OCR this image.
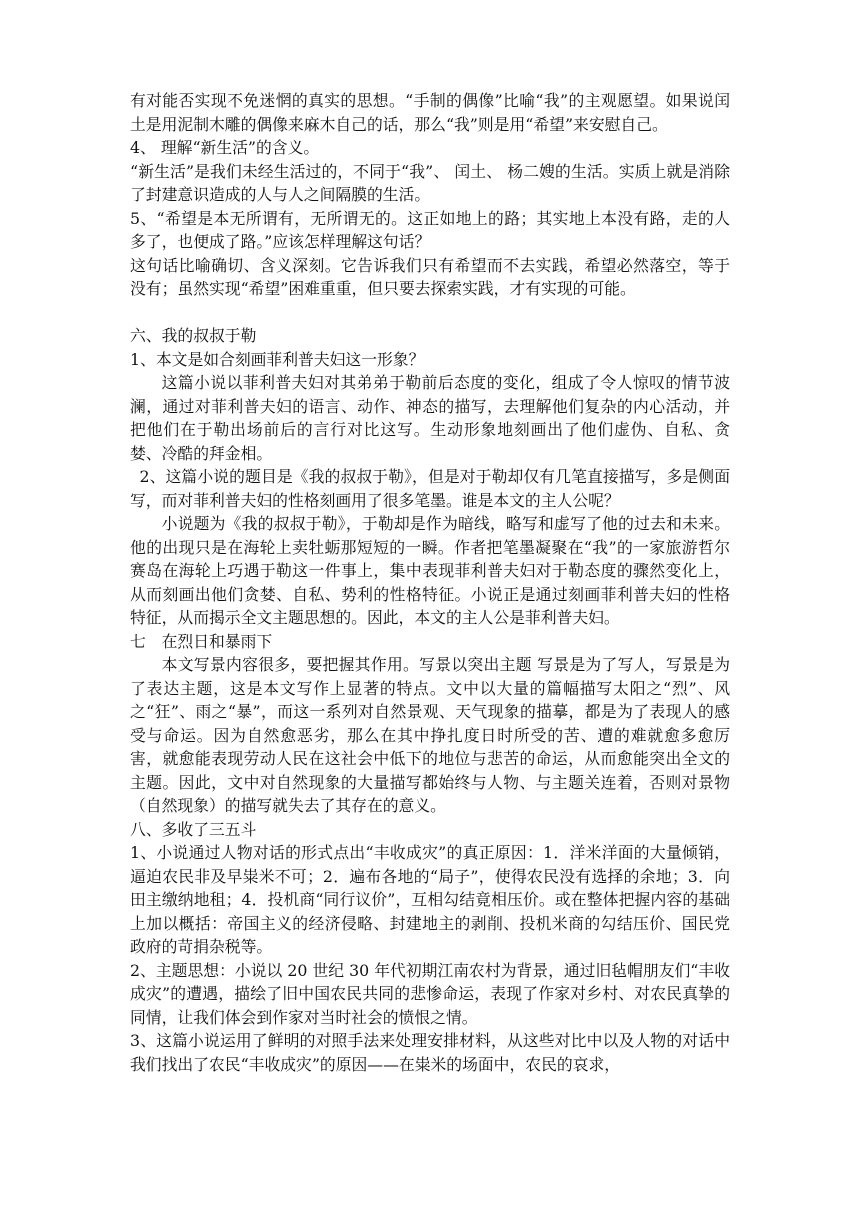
有对能否实现不免迷惘的真实的思想。“手制的偶像”比喻“我”的主观愿望。如果说闰土是用泥制木雕的偶像来麻木自己的话，那么“我”则是用“希望”来安慰自己。

4、 理解“新生活”的含义。

“新生活”是我们未经生活过的，不同于“我”、 闰土、 杨二嫂的生活。实质上就是消除了封建意识造成的人与人之间隔膜的生活。

5、“希望是本无所谓有，无所谓无的。这正如地上的路；其实地上本没有路，走的人多了，也便成了路。”应该怎样理解这句话？

这句话比喻确切、含义深刻。它告诉我们只有希望而不去实践，希望必然落空，等于没有；虽然实现“希望”困难重重，但只要去探索实践，才有实现的可能。

六、我的叔叔于勒

1、本文是如合刻画菲利普夫妇这一形象？

这篇小说以菲利普夫妇对其弟弟于勒前后态度的变化，组成了令人惊叹的情节波澜，通过对菲利普夫妇的语言、动作、神态的描写，去理解他们复杂的内心活动，并把他们在于勒出场前后的言行对比这写。生动形象地刻画出了他们虚伪、自私、贪婪、冷酷的拜金相。

2、这篇小说的题目是《我的叔叔于勒》，但是对于勒却仅有几笔直接描写，多是侧面写，而对菲利普夫妇的性格刻画用了很多笔墨。谁是本文的主人公呢？

小说题为《我的叔叔于勒》，于勒却是作为暗线，略写和虚写了他的过去和未来。他的出现只是在海轮上卖牡蛎那短短的一瞬。作者把笔墨凝聚在“我”的一家旅游哲尔赛岛在海轮上巧遇于勒这一件事上，集中表现菲利普夫妇对于勒态度的骤然变化上，从而刻画出他们贪婪、自私、势利的性格特征。小说正是通过刻画菲利普夫妇的性格特征，从而揭示全文主题思想的。因此，本文的主人公是菲利普夫妇。

七　在烈日和暴雨下

本文写景内容很多，要把握其作用。写景以突出主题 写景是为了写人，写景是为了表达主题，这是本文写作上显著的特点。文中以大量的篇幅描写太阳之“烈”、风之“狂”、雨之“暴”，而这一系列对自然景观、天气现象的描摹，都是为了表现人的感受与命运。因为自然愈恶劣，那么在其中挣扎度日时所受的苦、遭的难就愈多愈厉害，就愈能表现劳动人民在这社会中低下的地位与悲苦的命运，从而愈能突出全文的主题。因此，文中对自然现象的大量描写都始终与人物、与主题关连着，否则对景物（自然现象）的描写就失去了其存在的意义。

八、多收了三五斗

1、小说通过人物对话的形式点出“丰收成灾”的真正原因：1．洋米洋面的大量倾销，逼迫农民非及早粜米不可；2．遍布各地的“局子”，使得农民没有选择的余地；3．向田主缴纳地租；4．投机商“同行议价”，互相勾结竟相压价。或在整体把握内容的基础上加以概括：帝国主义的经济侵略、封建地主的剥削、投机米商的勾结压价、国民党政府的苛捐杂税等。

2、主题思想：小说以 20 世纪 30 年代初期江南农村为背景，通过旧毡帽朋友们“丰收成灾”的遭遇，描绘了旧中国农民共同的悲惨命运，表现了作家对乡村、对农民真挚的同情，让我们体会到作家对当时社会的愤恨之情。

3、这篇小说运用了鲜明的对照手法来处理安排材料，从这些对比中以及人物的对话中我们找出了农民“丰收成灾”的原因——在粜米的场面中，农民的哀求，
